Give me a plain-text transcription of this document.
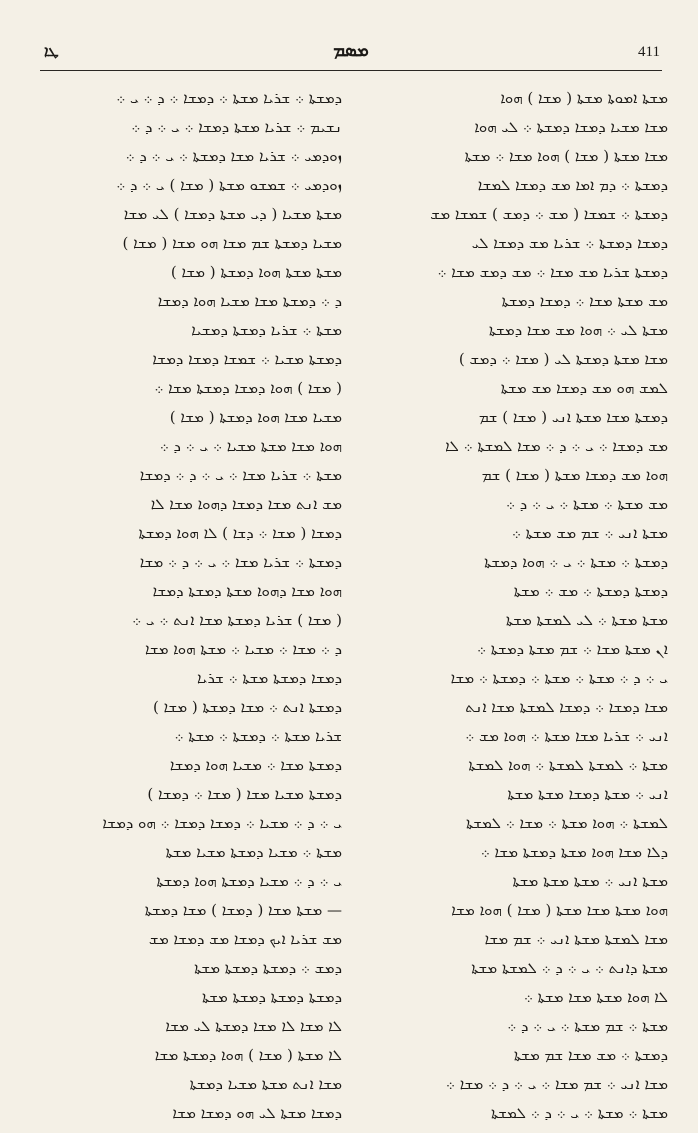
ܛܐ	ܡܣܡ	411
ܕܡܫܬܐ ܀ ܫܪܝܐ ܡܫܬܐ ܀ ܕܡܫܐ ܀ ܕ ܀ ܝ ܀
ܢܫܝܡ ܀ ܫܪܝܐ ܡܫܬܐ ܕܡܫܐ ܀ ܝ ܀ ܕ ܀
ܙܘܕܡܝ ܀ ܫܪܝܐ ܡܫܐ ܕܡܫܬܐ ܀ ܝ ܀ ܕ ܀
ܙܘܕܡܝ ܀ ܫܡܫܘ ܡܫܬܐ ( ܡܫܐ ) ܝ ܀ ܕ ܀
ܡܫܬܐ ܡܫܝܐ ( ܕܝ ܡܫܬܐ ܕܡܫܐ ) ܠܝ ܡܫܐ
ܡܫܝܐ ܕܡܫܬܐ ܫܡ ܡܫܐ ܗܘ ܡܫܐ ( ܡܫܐ )
ܡܫܬܐ ܡܫܬܐ ܗܘܐ ܕܡܫܬܐ ( ܡܫܐ )
ܕ ܀ ܕܡܫܬܐ ܡܫܐ ܡܫܝܐ ܗܘܐ ܕܡܫܐ
ܡܫܬܐ ܀ ܫܪܝܐ ܕܡܫܬܐ ܕܡܫܝܐ
ܕܡܫܬܐ ܡܫܝܐ ܀ ܫܡܫܐ ܕܡܫܐ ܕܡܫܐ
( ܡܫܐ ) ܗܘܐ ܕܡܫܐ ܕܡܫܬܐ ܡܫܐ ܀
ܡܫܝܐ ܡܫܐ ܗܘܐ ܕܡܫܬܐ ( ܡܫܐ )
ܗܘܐ ܡܫܐ ܡܫܬܐ ܡܫܝܐ ܀ ܝ ܀ ܕ ܀
ܡܫܬܐ ܀ ܫܪܝܐ ܡܫܐ ܀ ܝ ܀ ܕ ܀ ܕܡܫܐ
ܡܫ ܐܢܬ ܡܫܐ ܕܡܫܐ ܕܗܘܐ ܡܫܐ ܠܐ
ܕܡܫܐ ( ܡܫܐ ܀ ܕܫܐ ) ܠܐ ܗܘܐ ܕܡܫܬܐ
ܕܡܫܬܐ ܀ ܫܪܝܐ ܡܫܐ ܀ ܝ ܀ ܕ ܀ ܡܫܐ
ܗܘܐ ܡܫܐ ܕܗܘܐ ܡܫܬܐ ܕܡܫܬܐ ܕܡܫܐ
( ܡܫܐ ) ܫܪܝܐ ܕܡܫܬܐ ܡܫܐ ܐܢܬ ܀ ܝ ܀
ܕ ܀ ܡܫܐ ܀ ܡܫܝܐ ܀ ܡܫܬܐ ܗܘܐ ܡܫܐ
ܕܡܫܐ ܕܡܫܬܐ ܡܫܬܐ ܀ ܫܪܝܐ
ܕܡܫܬܐ ܐܢܬ ܀ ܡܫܐ ܕܡܫܬܐ ( ܡܫܐ )
ܫܪܝܐ ܡܫܬܐ ܀ ܕܡܫܬܐ ܀ ܡܫܬܐ ܀
ܕܡܫܬܐ ܡܫܐ ܀ ܡܫܝܐ ܗܘܐ ܕܡܫܐ
ܕܡܫܬܐ ܡܫܝܐ ܡܫܐ ( ܡܫܐ ܀ ܕܡܫܐ )
ܝ ܀ ܕ ܀ ܡܫܝܐ ܀ ܕܡܫܐ ܕܡܫܐ ܀ ܗܘ ܕܡܫܐ
ܡܫܬܐ ܀ ܡܫܝܐ ܕܡܫܬܐ ܡܫܝܐ ܡܫܬܐ
ܝ ܀ ܕ ܀ ܡܫܝܐ ܕܡܫܬܐ ܗܘܐ ܕܡܫܬܐ
— ܡܫܬܐ ܡܫܐ ( ܕܡܫܐ ) ܡܫܐ ܕܡܫܬܐ
ܡܫ ܫܪܝܐ ܐܝܟ ܕܡܫܐ ܡܫ ܕܡܫܐ ܡܫ
ܕܡܫ ܀ ܕܡܫܬܐ ܕܡܫܬܐ ܡܫܬܐ
ܕܡܫܬܐ ܕܡܫܬܐ ܕܡܫܬܐ ܡܫܬܐ
ܠܐ ܡܫܐ ܠܐ ܡܫܐ ܕܡܫܬܐ ܠܝ ܡܫܐ
ܠܐ ܡܫܬܐ ( ܡܫܐ ) ܗܘܐ ܕܡܫܬܐ ܡܫܐ
ܡܫܐ ܐܢܬ ܡܫܬܐ ܡܫܝܐ ܕܡܫܬܐ
ܕܡܫܐ ܡܫܬܐ ܠܝ ܗܘ ܕܡܫܐ ܡܫܐ
ܡܫܬܐ ܐܡܘܬܐ ܡܫܬܐ ( ܡܫܐ ) ܗܘܐ
ܡܫܐ ܡܫܝܐ ܕܡܫܐ ܕܡܫܬܐ ܀ ܠܝ ܗܘܐ
ܡܫܐ ܡܫܬܐ ( ܡܫܐ ) ܗܘܐ ܡܫܐ ܀ ܡܫܬܐ
ܕܡܫܬܐ ܀ ܕܡ ܐܡܐ ܡܫ ܕܡܫܐ ܠܡܫܐ
ܕܡܫܬܐ ܀ ܫܡܫܐ ( ܡܫ ܀ ܕܡܫ ) ܫܡܫܐ ܡܫ
ܕܡܫܐ ܕܡܫܬܐ ܀ ܫܪܝܐ ܡܫ ܕܡܫܐ ܠܝ
ܕܡܫܬܐ ܫܪܝܐ ܡܫ ܡܫܐ ܀ ܡܫ ܕܡܫ ܡܫܐ ܀
ܡܫ ܡܫܬܐ ܡܫܐ ܀ ܕܡܫܐ ܕܡܫܬܐ
ܡܫܬܐ ܠܝ ܀ ܗܘܐ ܡܫ ܡܫܐ ܕܡܫܬܐ
ܡܫܐ ܡܫܬܐ ܕܡܫܬܐ ܠܝ ( ܡܫܐ ܀ ܕܡܫ )
ܠܡܫ ܗܘ ܡܫ ܕܡܫܐ ܡܫ ܡܫܬܐ
ܕܡܫܬܐ ܡܫܐ ܡܫܬܐ ܐܢܝ ( ܡܫܐ ) ܫܡ
ܡܫ ܕܡܫܐ ܀ ܝ ܀ ܕ ܀ ܡܫܐ ܠܡܫܬܐ ܀ ܠܐ
ܗܘܐ ܡܫ ܕܡܫܐ ܡܫܬܐ ( ܡܫܐ ) ܫܡ
ܡܫ ܡܫܬܐ ܀ ܡܫܬܐ ܀ ܝ ܀ ܕ ܀
ܡܫܬܐ ܐܢܝ ܀ ܫܡ ܡܫ ܡܫܬܐ ܀
ܕܡܫܬܐ ܀ ܡܫܬܐ ܀ ܝ ܀ ܗܘܐ ܕܡܫܬܐ
ܕܡܫܬܐ ܕܡܫܬܐ ܀ ܡܫ ܀ ܡܫܬܐ
ܡܫܬܐ ܡܫܬܐ ܀ ܠܝ ܠܡܫܬܐ ܡܫܬܐ
ܐܢ ܡܫܬܐ ܡܫܐ ܀ ܫܡ ܡܫܬܐ ܕܡܫܬܐ ܀
ܝ ܀ ܕ ܀ ܡܫܬܐ ܀ ܡܫܬܐ ܀ ܕܡܫܬܐ ܀ ܡܫܐ
ܡܫܐ ܕܡܫܐ ܀ ܕܡܫܐ ܠܡܫܬܐ ܡܫܐ ܐܢܬ
ܐܢܝ ܀ ܫܪܝܐ ܡܫܐ ܡܫܬܐ ܀ ܗܘܐ ܡܫ ܀
ܡܫܬܐ ܀ ܠܡܫܬܐ ܠܡܫܬܐ ܀ ܗܘܐ ܠܡܫܬܐ
ܐܢܝ ܀ ܡܫܬܐ ܕܡܫܐ ܡܫܬܐ ܡܫܬܐ
ܠܡܫܬܐ ܀ ܗܘܐ ܡܫܬܐ ܀ ܡܫܐ ܀ ܠܡܫܬܐ
ܕܠܐ ܡܫܐ ܗܘܐ ܡܫܬܐ ܕܡܫܬܐ ܡܫܐ ܀
ܡܫܬܐ ܐܢܝ ܀ ܡܫܬܐ ܡܫܬܐ ܡܫܬܐ
ܗܘܐ ܡܫܬܐ ܡܫܐ ܡܫܬܐ ( ܡܫܐ ) ܗܘܐ ܡܫܐ
ܡܫܐ ܠܡܫܬܐ ܡܫܬܐ ܐܢܝ ܀ ܫܡ ܡܫܐ
ܡܫܬܐ ܕܐܢܬ ܀ ܝ ܀ ܕ ܀ ܠܡܫܬܐ ܡܫܬܐ
ܠܐ ܗܘܐ ܡܫܬܐ ܡܫܐ ܡܫܬܐ ܀
ܡܫܬܐ ܀ ܫܡ ܡܫܬܐ ܀ ܝ ܀ ܕ ܀
ܕܡܫܬܐ ܀ ܡܫ ܡܫܐ ܫܡ ܡܫܬܐ
ܡܫܐ ܐܢܝ ܀ ܫܡ ܡܫܐ ܀ ܝ ܀ ܕ ܀ ܡܫܐ ܀
ܡܫܬܐ ܀ ܡܫܬܐ ܀ ܝ ܀ ܕ ܀ ܠܡܫܬܐ
